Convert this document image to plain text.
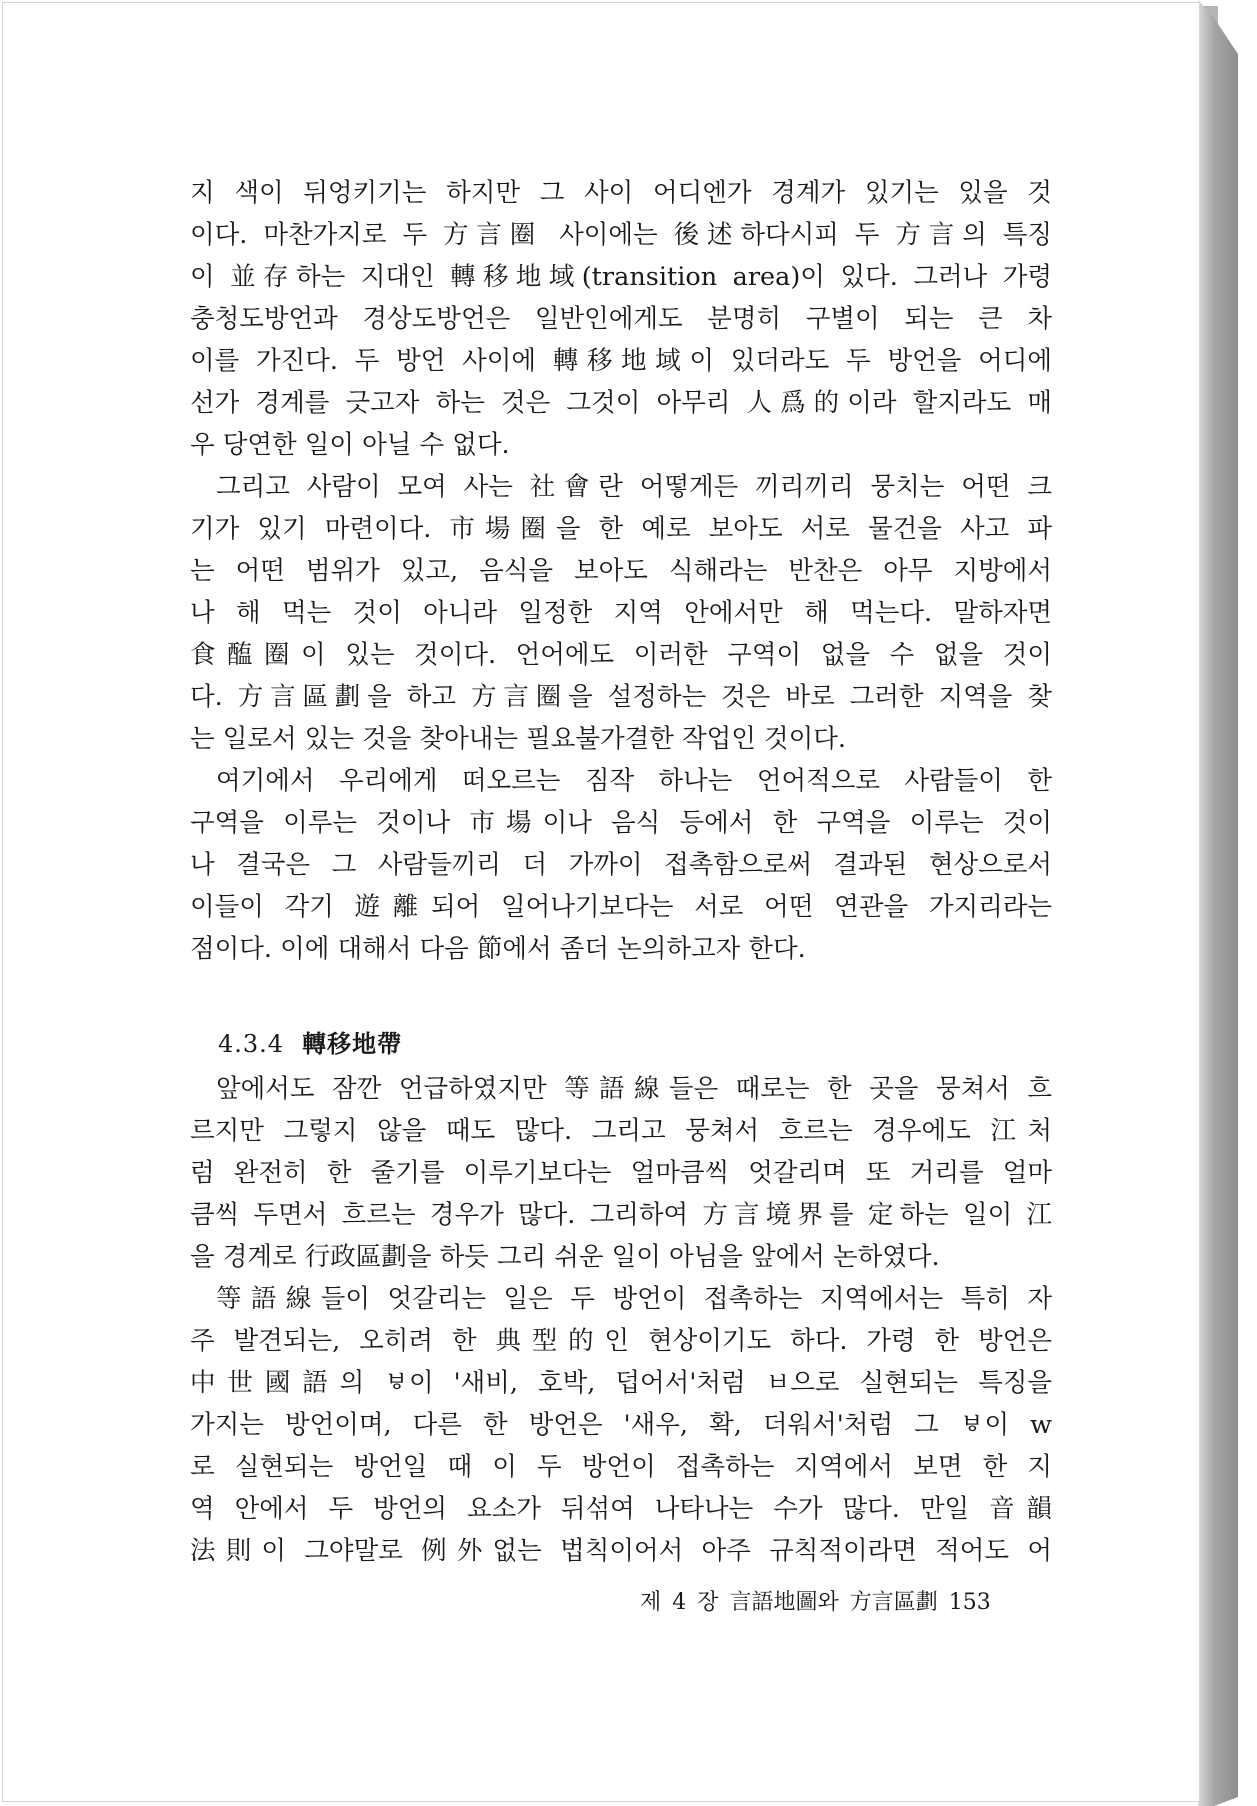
지 색이 뒤엉키기는 하지만 그 사이 어디엔가 경계가 있기는 있을 것
이다. 마찬가지로 두 方言圈 사이에는 後述하다시피 두 方言의 특징
이 並存하는 지대인 轉移地域(transition area)이 있다. 그러나 가령
충청도방언과 경상도방언은 일반인에게도 분명히 구별이 되는 큰 차
이를 가진다. 두 방언 사이에 轉移地域이 있더라도 두 방언을 어디에
선가 경계를 긋고자 하는 것은 그것이 아무리 人爲的이라 할지라도 매
우 당연한 일이 아닐 수 없다.
그리고 사람이 모여 사는 社會란 어떻게든 끼리끼리 뭉치는 어떤 크
기가 있기 마련이다. 市場圈을 한 예로 보아도 서로 물건을 사고 파
는 어떤 범위가 있고, 음식을 보아도 식해라는 반찬은 아무 지방에서
나 해 먹는 것이 아니라 일정한 지역 안에서만 해 먹는다. 말하자면
食醢圈이 있는 것이다. 언어에도 이러한 구역이 없을 수 없을 것이
다. 方言區劃을 하고 方言圈을 설정하는 것은 바로 그러한 지역을 찾
는 일로서 있는 것을 찾아내는 필요불가결한 작업인 것이다.
여기에서 우리에게 떠오르는 짐작 하나는 언어적으로 사람들이 한
구역을 이루는 것이나 市場이나 음식 등에서 한 구역을 이루는 것이
나 결국은 그 사람들끼리 더 가까이 접촉함으로써 결과된 현상으로서
이들이 각기 遊離되어 일어나기보다는 서로 어떤 연관을 가지리라는
점이다. 이에 대해서 다음 節에서 좀더 논의하고자 한다.
4.3.4 轉移地帶
앞에서도 잠깐 언급하였지만 等語線들은 때로는 한 곳을 뭉쳐서 흐
르지만 그렇지 않을 때도 많다. 그리고 뭉쳐서 흐르는 경우에도 江처
럼 완전히 한 줄기를 이루기보다는 얼마큼씩 엇갈리며 또 거리를 얼마
큼씩 두면서 흐르는 경우가 많다. 그리하여 方言境界를 定하는 일이 江
을 경계로 行政區劃을 하듯 그리 쉬운 일이 아님을 앞에서 논하였다.
等語線들이 엇갈리는 일은 두 방언이 접촉하는 지역에서는 특히 자
주 발견되는, 오히려 한 典型的인 현상이기도 하다. 가령 한 방언은
中世國語의 ㅸ이 '새비, 호박, 덥어서'처럼 ㅂ으로 실현되는 특징을
가지는 방언이며, 다른 한 방언은 '새우, 확, 더워서'처럼 그 ㅸ이 w
로 실현되는 방언일 때 이 두 방언이 접촉하는 지역에서 보면 한 지
역 안에서 두 방언의 요소가 뒤섞여 나타나는 수가 많다. 만일 音韻
法則이 그야말로 例外없는 법칙이어서 아주 규칙적이라면 적어도 어
제 4 장 言語地圖와 方言區劃 153
